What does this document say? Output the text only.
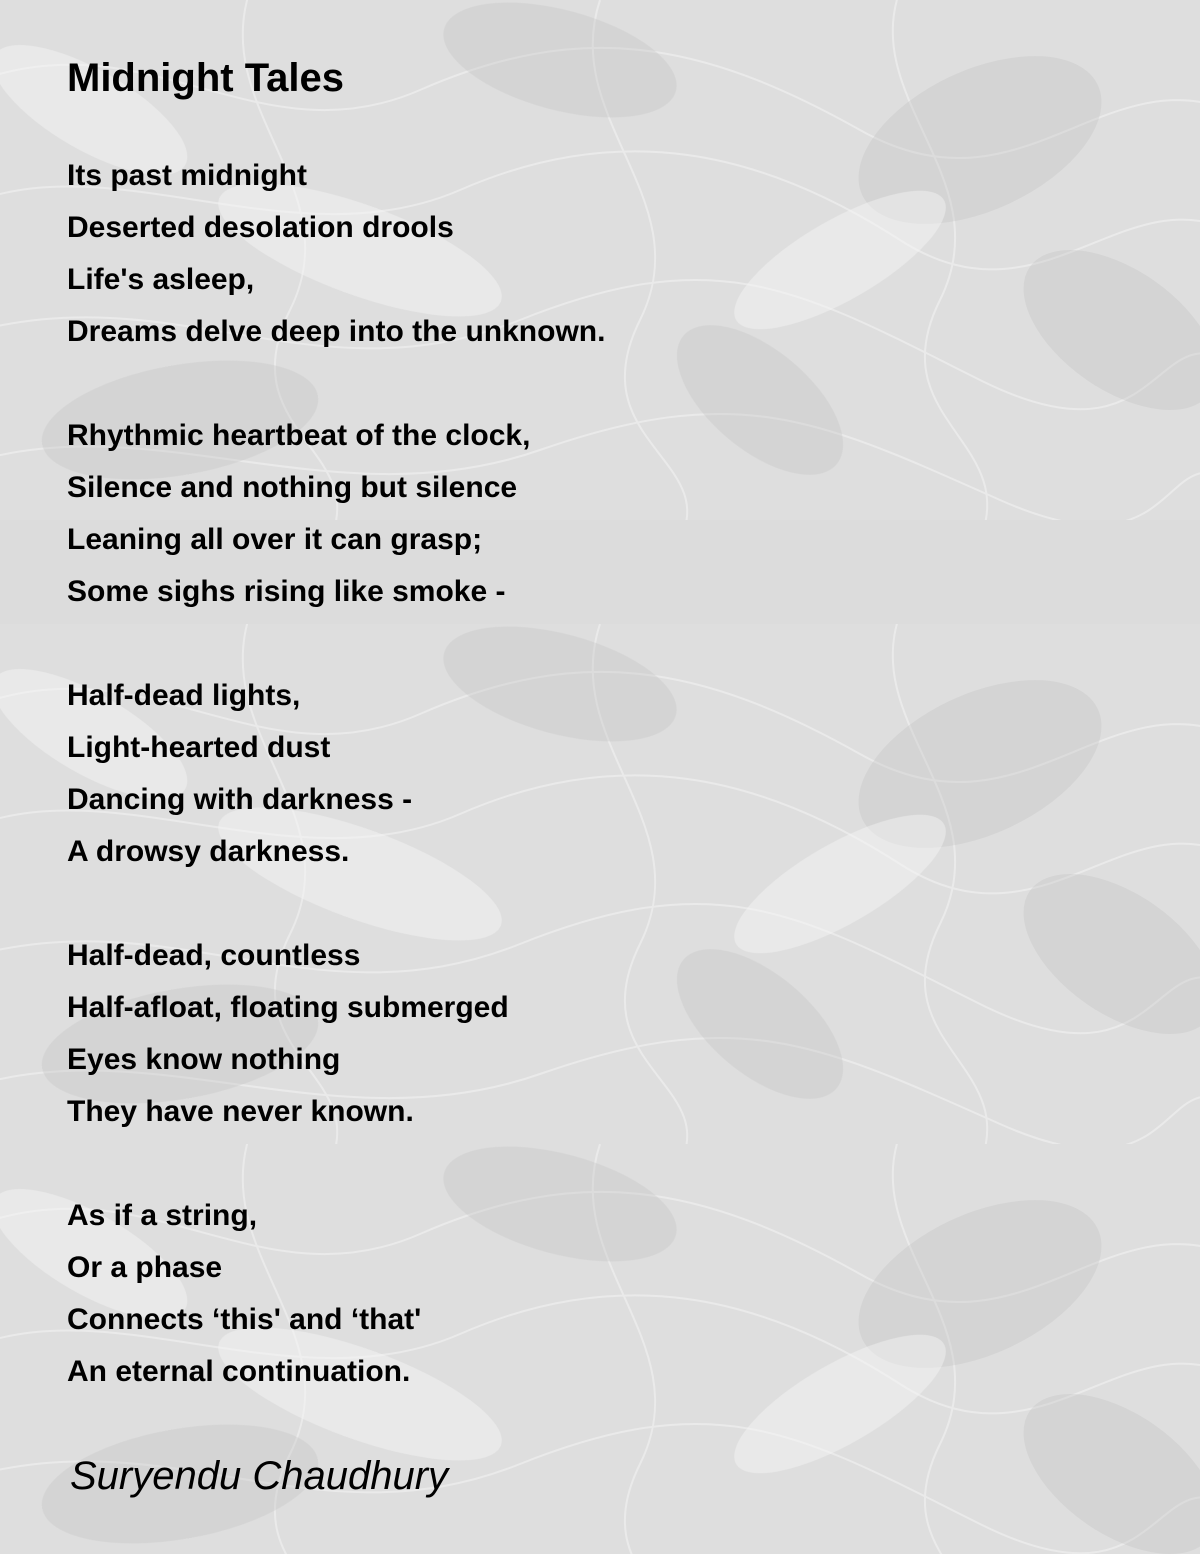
Midnight Tales
Its past midnight
Deserted desolation drools
Life's asleep,
Dreams delve deep into the unknown.
Rhythmic heartbeat of the clock,
Silence and nothing but silence
Leaning all over it can grasp;
Some sighs rising like smoke -
Half-dead lights,
Light-hearted dust
Dancing with darkness -
A drowsy darkness.
Half-dead, countless
Half-afloat, floating submerged
Eyes know nothing
They have never known.
As if a string,
Or a phase
Connects ‘this' and ‘that'
An eternal continuation.

Suryendu Chaudhury
